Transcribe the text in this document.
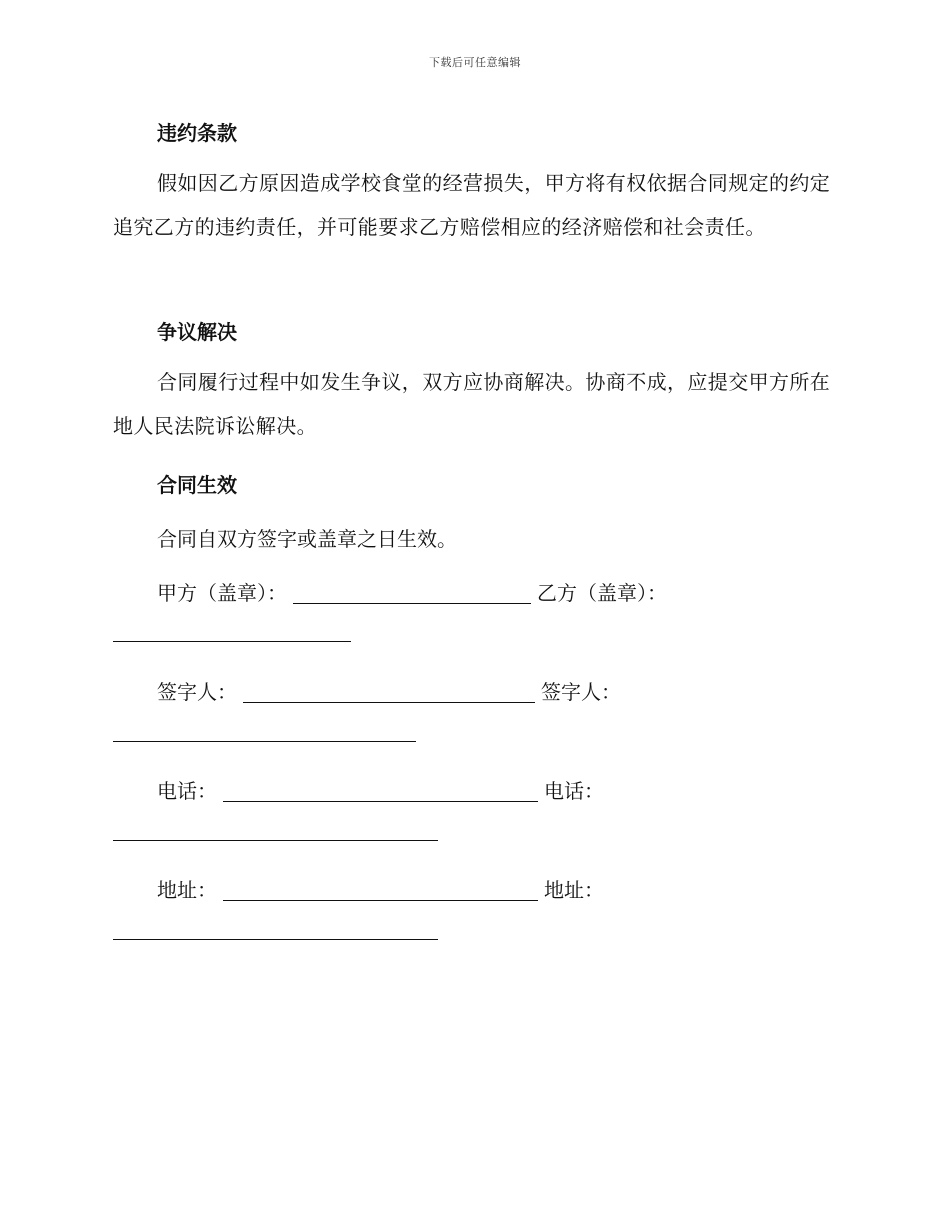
下载后可任意编辑
违约条款
假如因乙方原因造成学校食堂的经营损失，甲方将有权依据合同规定的约定追究乙方的违约责任，并可能要求乙方赔偿相应的经济赔偿和社会责任。
争议解决
合同履行过程中如发生争议，双方应协商解决。协商不成，应提交甲方所在地人民法院诉讼解决。
合同生效
合同自双方签字或盖章之日生效。
甲方（盖章）：	乙方（盖章）：
签字人：	签字人：
电话：	电话：
地址：	地址：
